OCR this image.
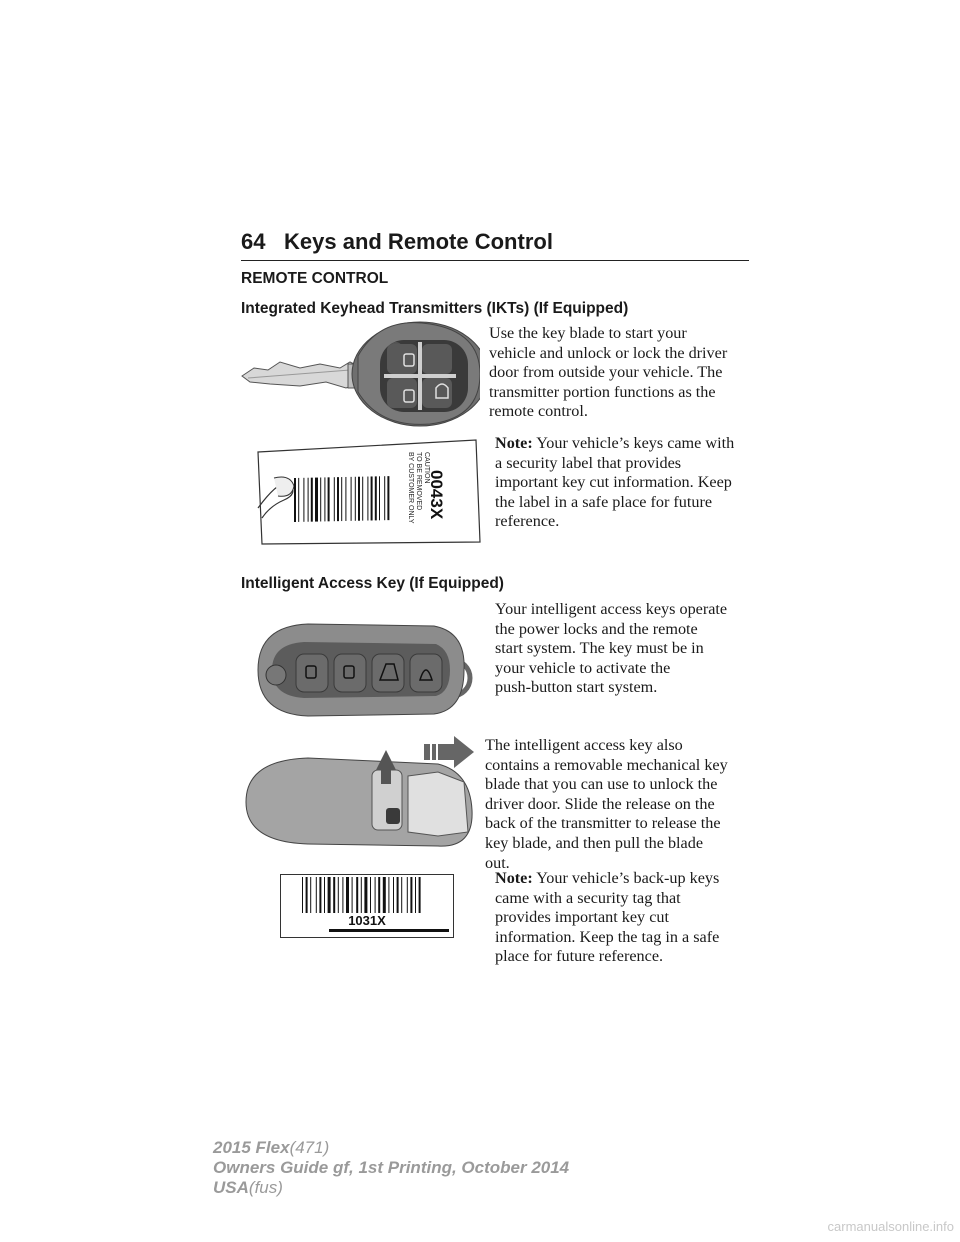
64 Keys and Remote Control
REMOTE CONTROL
Integrated Keyhead Transmitters (IKTs) (If Equipped)
Use the key blade to start your
vehicle and unlock or lock the driver
door from outside your vehicle. The
transmitter portion functions as the
remote control.
Note: Your vehicle’s keys came with
a security label that provides
important key cut information. Keep
the label in a safe place for future
reference.
CAUTION
TO BE REMOVED
BY CUSTOMER ONLY 0043X
Intelligent Access Key (If Equipped)
Your intelligent access keys operate
the power locks and the remote
start system. The key must be in
your vehicle to activate the
push-button start system.
The intelligent access key also
contains a removable mechanical key
blade that you can use to unlock the
driver door. Slide the release on the
back of the transmitter to release the
key blade, and then pull the blade
out.
Note: Your vehicle’s back-up keys
came with a security tag that
provides important key cut
information. Keep the tag in a safe
place for future reference.
1031X
2015 Flex(471)
Owners Guide gf, 1st Printing, October 2014
USA(fus)
carmanualsonline.info
